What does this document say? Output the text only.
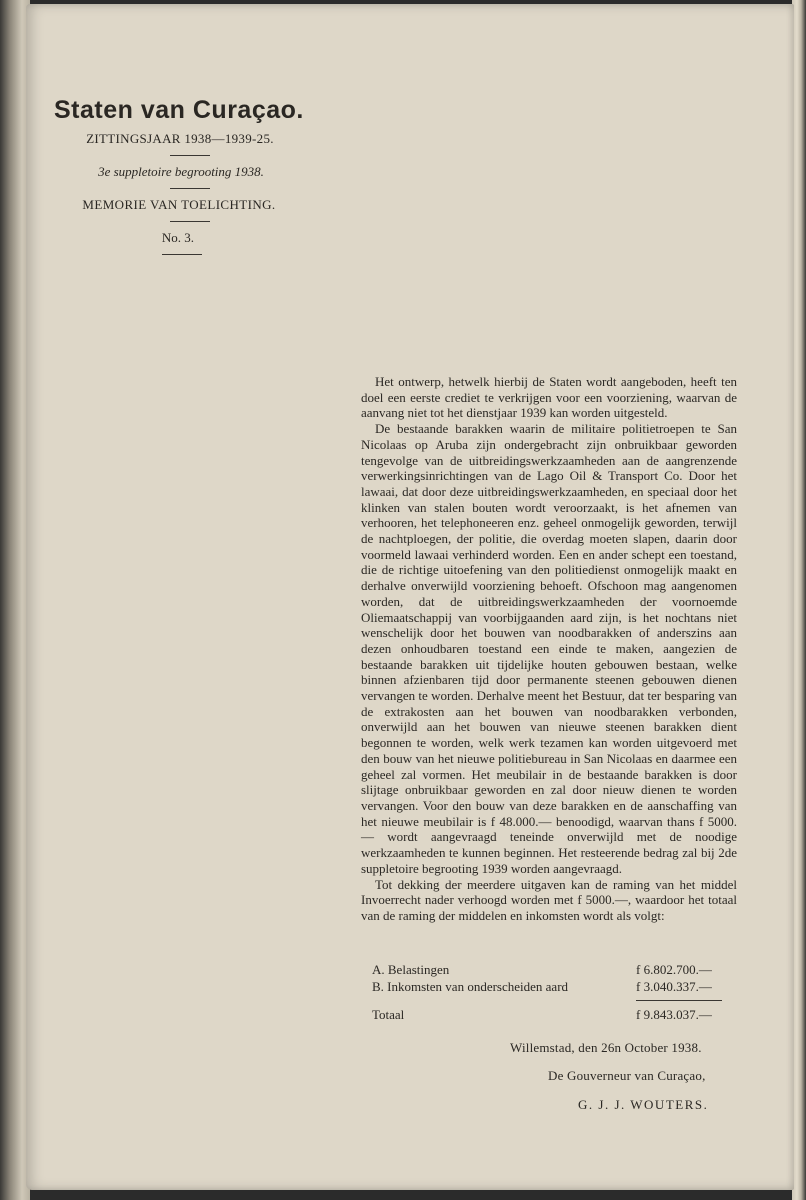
Staten van Curaçao.
ZITTINGSJAAR 1938—1939-25.
3e suppletoire begrooting 1938.
MEMORIE VAN TOELICHTING.
No. 3.

Het ontwerp, hetwelk hierbij de Staten wordt aangeboden, heeft ten doel een eerste crediet te verkrijgen voor een voorziening, waarvan de aanvang niet tot het dienstjaar 1939 kan worden uitgesteld.

De bestaande barakken waarin de militaire politietroepen te San Nicolaas op Aruba zijn ondergebracht zijn onbruikbaar geworden tengevolge van de uitbreidingswerkzaamheden aan de aangrenzende verwerkingsinrichtingen van de Lago Oil & Transport Co. Door het lawaai, dat door deze uitbreidingswerkzaamheden, en speciaal door het klinken van stalen bouten wordt veroorzaakt, is het afnemen van verhooren, het telephoneeren enz. geheel onmogelijk geworden, terwijl de nachtploegen, der politie, die overdag moeten slapen, daarin door voormeld lawaai verhinderd worden. Een en ander schept een toestand, die de richtige uitoefening van den politiedienst onmogelijk maakt en derhalve onverwijld voorziening behoeft. Ofschoon mag aangenomen worden, dat de uitbreidingswerkzaamheden der voornoemde Oliemaatschappij van voorbijgaanden aard zijn, is het nochtans niet wenschelijk door het bouwen van noodbarakken of anderszins aan dezen onhoudbaren toestand een einde te maken, aangezien de bestaande barakken uit tijdelijke houten gebouwen bestaan, welke binnen afzienbaren tijd door permanente steenen gebouwen dienen vervangen te worden. Derhalve meent het Bestuur, dat ter besparing van de extrakosten aan het bouwen van noodbarakken verbonden, onverwijld aan het bouwen van nieuwe steenen barakken dient begonnen te worden, welk werk tezamen kan worden uitgevoerd met den bouw van het nieuwe politiebureau in San Nicolaas en daarmee een geheel zal vormen. Het meubilair in de bestaande barakken is door slijtage onbruikbaar geworden en zal door nieuw dienen te worden vervangen. Voor den bouw van deze barakken en de aanschaffing van het nieuwe meubilair is f 48.000.— benoodigd, waarvan thans f 5000.— wordt aangevraagd teneinde onverwijld met de noodige werkzaamheden te kunnen beginnen. Het resteerende bedrag zal bij 2de suppletoire begrooting 1939 worden aangevraagd.

Tot dekking der meerdere uitgaven kan de raming van het middel Invoerrecht nader verhoogd worden met f 5000.—, waardoor het totaal van de raming der middelen en inkomsten wordt als volgt:

A. Belastingen	f 6.802.700.—
B. Inkomsten van onderscheiden aard	f 3.040.337.—
Totaal	f 9.843.037.—
Willemstad, den 26n October 1938.
De Gouverneur van Curaçao,
G. J. J. WOUTERS.
